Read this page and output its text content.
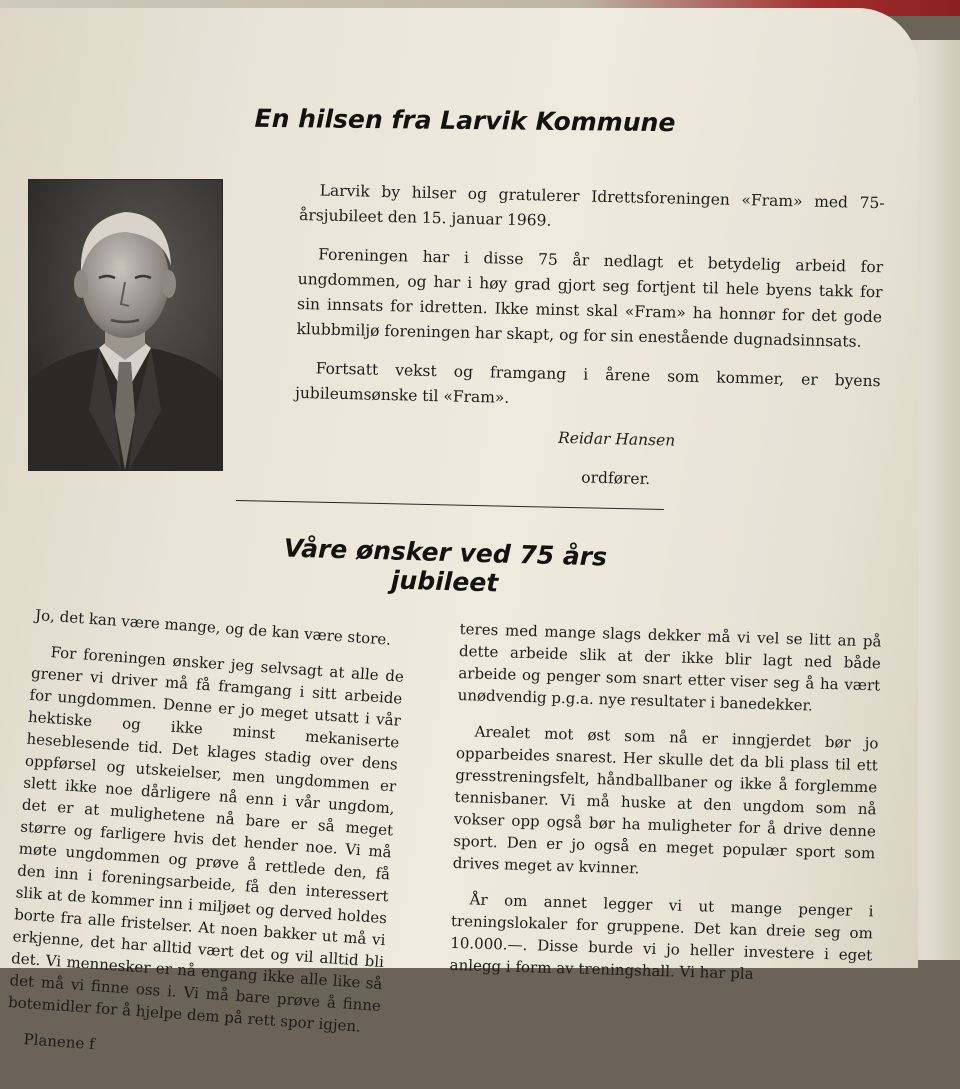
En hilsen fra Larvik Kommune

Larvik by hilser og gratulerer Idrettsforeningen «Fram» med 75-årsjubileet den 15. januar 1969.

Foreningen har i disse 75 år nedlagt et betydelig arbeid for ungdommen, og har i høy grad gjort seg fortjent til hele byens takk for sin innsats for idretten. Ikke minst skal «Fram» ha honnør for det gode klubbmiljø foreningen har skapt, og for sin enestående dugnadsinnsats.

Fortsatt vekst og framgang i årene som kommer, er byens jubileumsønske til «Fram».

Reidar Hansen

ordfører.

Våre ønsker ved 75 års jubileet

Jo, det kan være mange, og de kan være store.

For foreningen ønsker jeg selvsagt at alle de grener vi driver må få framgang i sitt arbeide for ungdommen. Denne er jo meget utsatt i vår hektiske og ikke minst mekaniserte heseblesende tid. Det klages stadig over dens oppførsel og utskeielser, men ungdommen er slett ikke noe dårligere nå enn i vår ungdom, det er at mulighetene nå bare er så meget større og farligere hvis det hender noe. Vi må møte ungdommen og prøve å rettlede den, få den inn i foreningsarbeide, få den interessert slik at de kommer inn i miljøet og derved holdes borte fra alle fristelser. At noen bakker ut må vi erkjenne, det har alltid vært det og vil alltid bli det. Vi mennesker er nå engang ikke alle like så det må vi finne oss i. Vi må bare prøve å finne botemidler for å hjelpe dem på rett spor igjen.

Planene f

teres med mange slags dekker må vi vel se litt an på dette arbeide slik at der ikke blir lagt ned både arbeide og penger som snart etter viser seg å ha vært unødvendig p.g.a. nye resultater i banedekker.

Arealet mot øst som nå er inngjerdet bør jo opparbeides snarest. Her skulle det da bli plass til ett gresstreningsfelt, håndballbaner og ikke å forglemme tennisbaner. Vi må huske at den ungdom som nå vokser opp også bør ha muligheter for å drive denne sport. Den er jo også en meget populær sport som drives meget av kvinner.

År om annet legger vi ut mange penger i treningslokaler for gruppene. Det kan dreie seg om 10.000.—. Disse burde vi jo heller investere i eget anlegg i form av treningshall. Vi har pla
